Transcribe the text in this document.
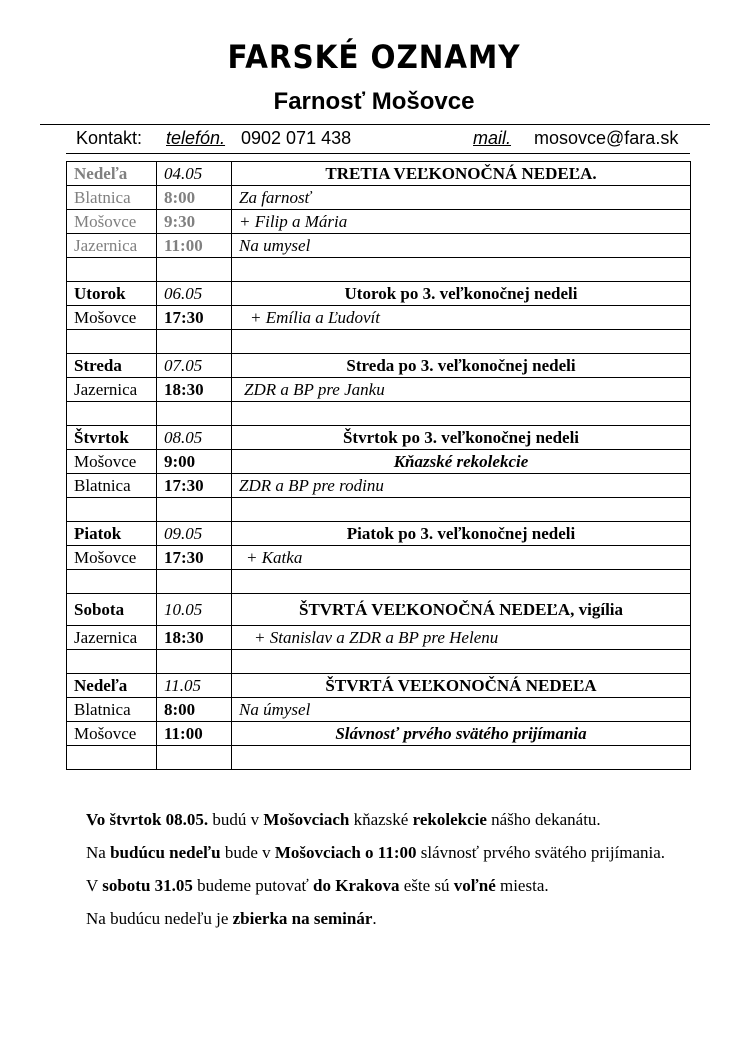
FARSKÉ OZNAMY
Farnosť Mošovce
Kontakt: telefón. 0902 071 438	mail. mosovce@fara.sk
Nedeľa	04.05	TRETIA VEĽKONOČNÁ NEDEĽA.
Blatnica	8:00	Za farnosť
Mošovce	9:30	+ Filip a Mária
Jazernica	11:00	Na umysel

Utorok	06.05	Utorok po 3. veľkonočnej nedeli
Mošovce	17:30	+ Emília a Ľudovít

Streda	07.05	Streda po 3. veľkonočnej nedeli
Jazernica	18:30	ZDR a BP pre Janku

Štvrtok	08.05	Štvrtok po 3. veľkonočnej nedeli
Mošovce	9:00	Kňazské rekolekcie
Blatnica	17:30	ZDR a BP pre rodinu

Piatok	09.05	Piatok po 3. veľkonočnej nedeli
Mošovce	17:30	+ Katka

Sobota	10.05	ŠTVRTÁ VEĽKONOČNÁ NEDEĽA, vigília
Jazernica	18:30	+ Stanislav a ZDR a BP pre Helenu

Nedeľa	11.05	ŠTVRTÁ VEĽKONOČNÁ NEDEĽA
Blatnica	8:00	Na úmysel
Mošovce	11:00	Slávnosť prvého svätého prijímania

Vo štvrtok 08.05. budú v Mošovciach kňazské rekolekcie nášho dekanátu.

Na budúcu nedeľu bude v Mošovciach o 11:00 slávnosť prvého svätého prijímania.

V sobotu 31.05 budeme putovať do Krakova ešte sú voľné miesta.

Na budúcu nedeľu je zbierka na seminár.
